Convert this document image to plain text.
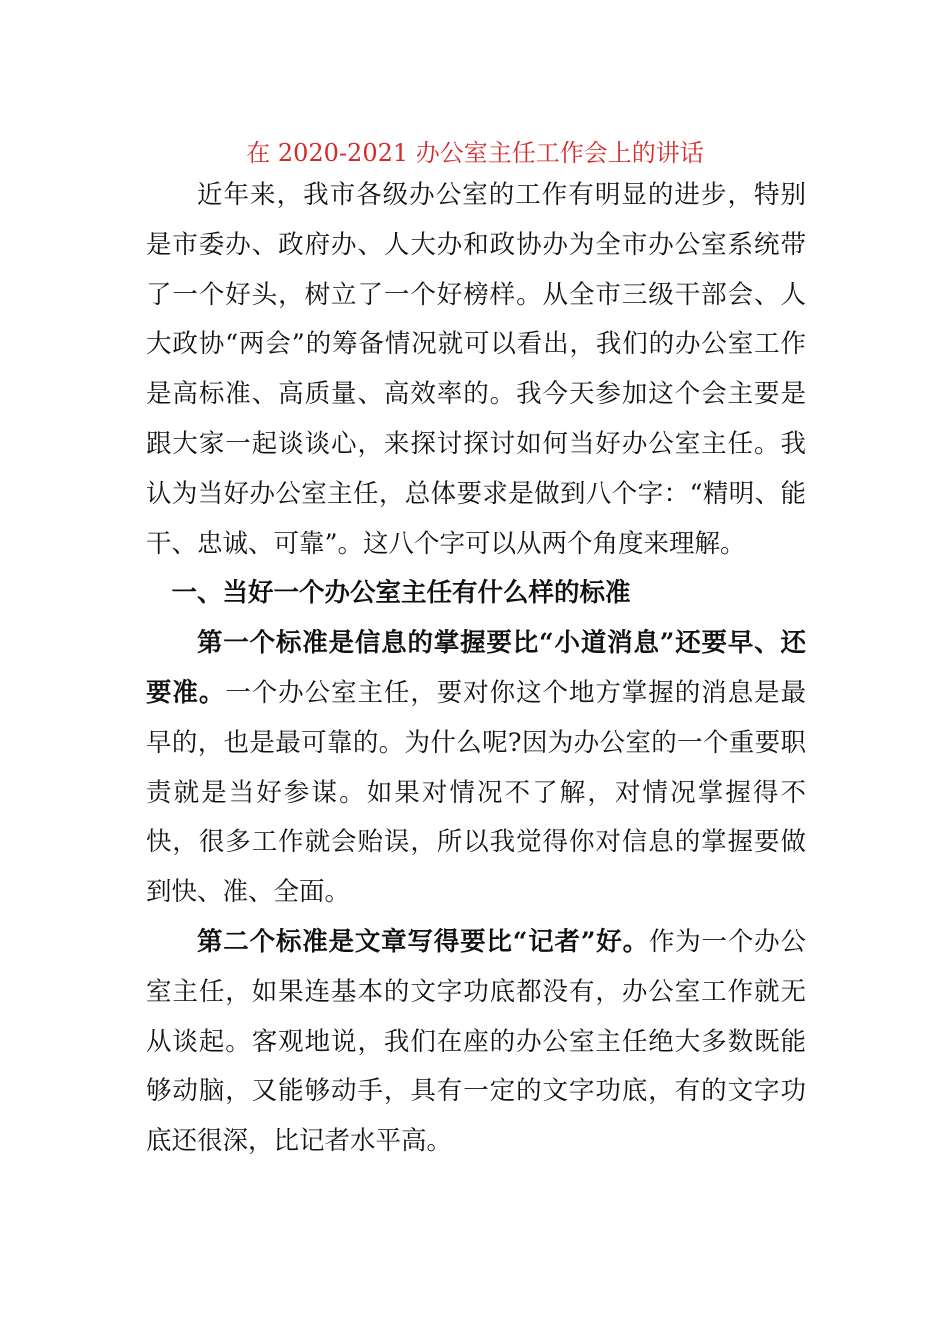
在 2020-2021 办公室主任工作会上的讲话

近年来，我市各级办公室的工作有明显的进步，特别是市委办、政府办、人大办和政协办为全市办公室系统带了一个好头，树立了一个好榜样。从全市三级干部会、人大政协“两会”的筹备情况就可以看出，我们的办公室工作是高标准、高质量、高效率的。我今天参加这个会主要是跟大家一起谈谈心，来探讨探讨如何当好办公室主任。我认为当好办公室主任，总体要求是做到八个字：“精明、能干、忠诚、可靠”。这八个字可以从两个角度来理解。

一、当好一个办公室主任有什么样的标准

第一个标准是信息的掌握要比“小道消息”还要早、还要准。一个办公室主任，要对你这个地方掌握的消息是最早的，也是最可靠的。为什么呢?因为办公室的一个重要职责就是当好参谋。如果对情况不了解，对情况掌握得不快，很多工作就会贻误，所以我觉得你对信息的掌握要做到快、准、全面。

第二个标准是文章写得要比“记者”好。作为一个办公室主任，如果连基本的文字功底都没有，办公室工作就无从谈起。客观地说，我们在座的办公室主任绝大多数既能够动脑，又能够动手，具有一定的文字功底，有的文字功底还很深，比记者水平高。
